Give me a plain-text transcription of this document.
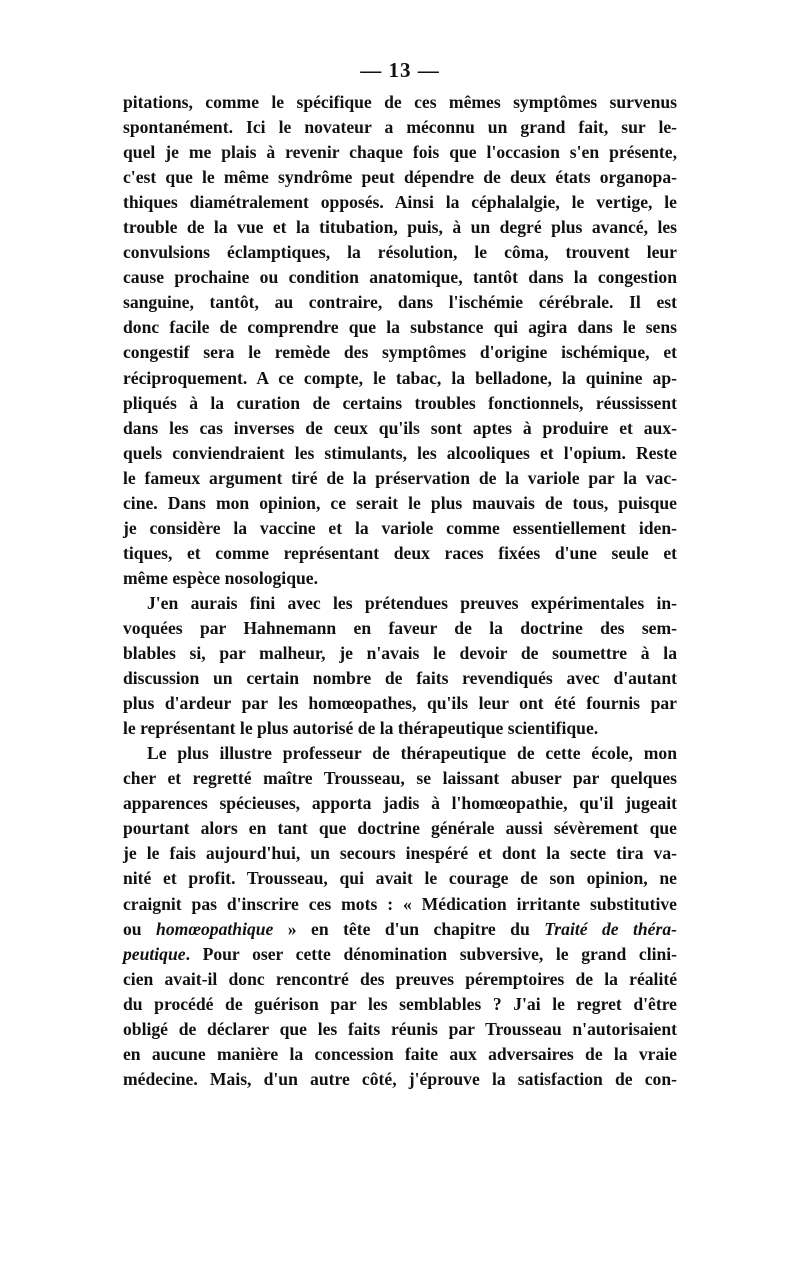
— 13 —
pitations, comme le spécifique de ces mêmes symptômes survenus
spontanément. Ici le novateur a méconnu un grand fait, sur le-
quel je me plais à revenir chaque fois que l'occasion s'en présente,
c'est que le même syndrôme peut dépendre de deux états organopa-
thiques diamétralement opposés. Ainsi la céphalalgie, le vertige, le
trouble de la vue et la titubation, puis, à un degré plus avancé, les
convulsions éclamptiques, la résolution, le côma, trouvent leur
cause prochaine ou condition anatomique, tantôt dans la congestion
sanguine, tantôt, au contraire, dans l'ischémie cérébrale. Il est
donc facile de comprendre que la substance qui agira dans le sens
congestif sera le remède des symptômes d'origine ischémique, et
réciproquement. A ce compte, le tabac, la belladone, la quinine ap-
pliqués à la curation de certains troubles fonctionnels, réussissent
dans les cas inverses de ceux qu'ils sont aptes à produire et aux-
quels conviendraient les stimulants, les alcooliques et l'opium. Reste
le fameux argument tiré de la préservation de la variole par la vac-
cine. Dans mon opinion, ce serait le plus mauvais de tous, puisque
je considère la vaccine et la variole comme essentiellement iden-
tiques, et comme représentant deux races fixées d'une seule et
même espèce nosologique.
J'en aurais fini avec les prétendues preuves expérimentales in-
voquées par Hahnemann en faveur de la doctrine des sem-
blables si, par malheur, je n'avais le devoir de soumettre à la
discussion un certain nombre de faits revendiqués avec d'autant
plus d'ardeur par les homœopathes, qu'ils leur ont été fournis par
le représentant le plus autorisé de la thérapeutique scientifique.
Le plus illustre professeur de thérapeutique de cette école, mon
cher et regretté maître Trousseau, se laissant abuser par quelques
apparences spécieuses, apporta jadis à l'homœopathie, qu'il jugeait
pourtant alors en tant que doctrine générale aussi sévèrement que
je le fais aujourd'hui, un secours inespéré et dont la secte tira va-
nité et profit. Trousseau, qui avait le courage de son opinion, ne
craignit pas d'inscrire ces mots : « Médication irritante substitutive
ou homœopathique » en tête d'un chapitre du Traité de théra-
peutique. Pour oser cette dénomination subversive, le grand clini-
cien avait-il donc rencontré des preuves péremptoires de la réalité
du procédé de guérison par les semblables ? J'ai le regret d'être
obligé de déclarer que les faits réunis par Trousseau n'autorisaient
en aucune manière la concession faite aux adversaires de la vraie
médecine. Mais, d'un autre côté, j'éprouve la satisfaction de con-
